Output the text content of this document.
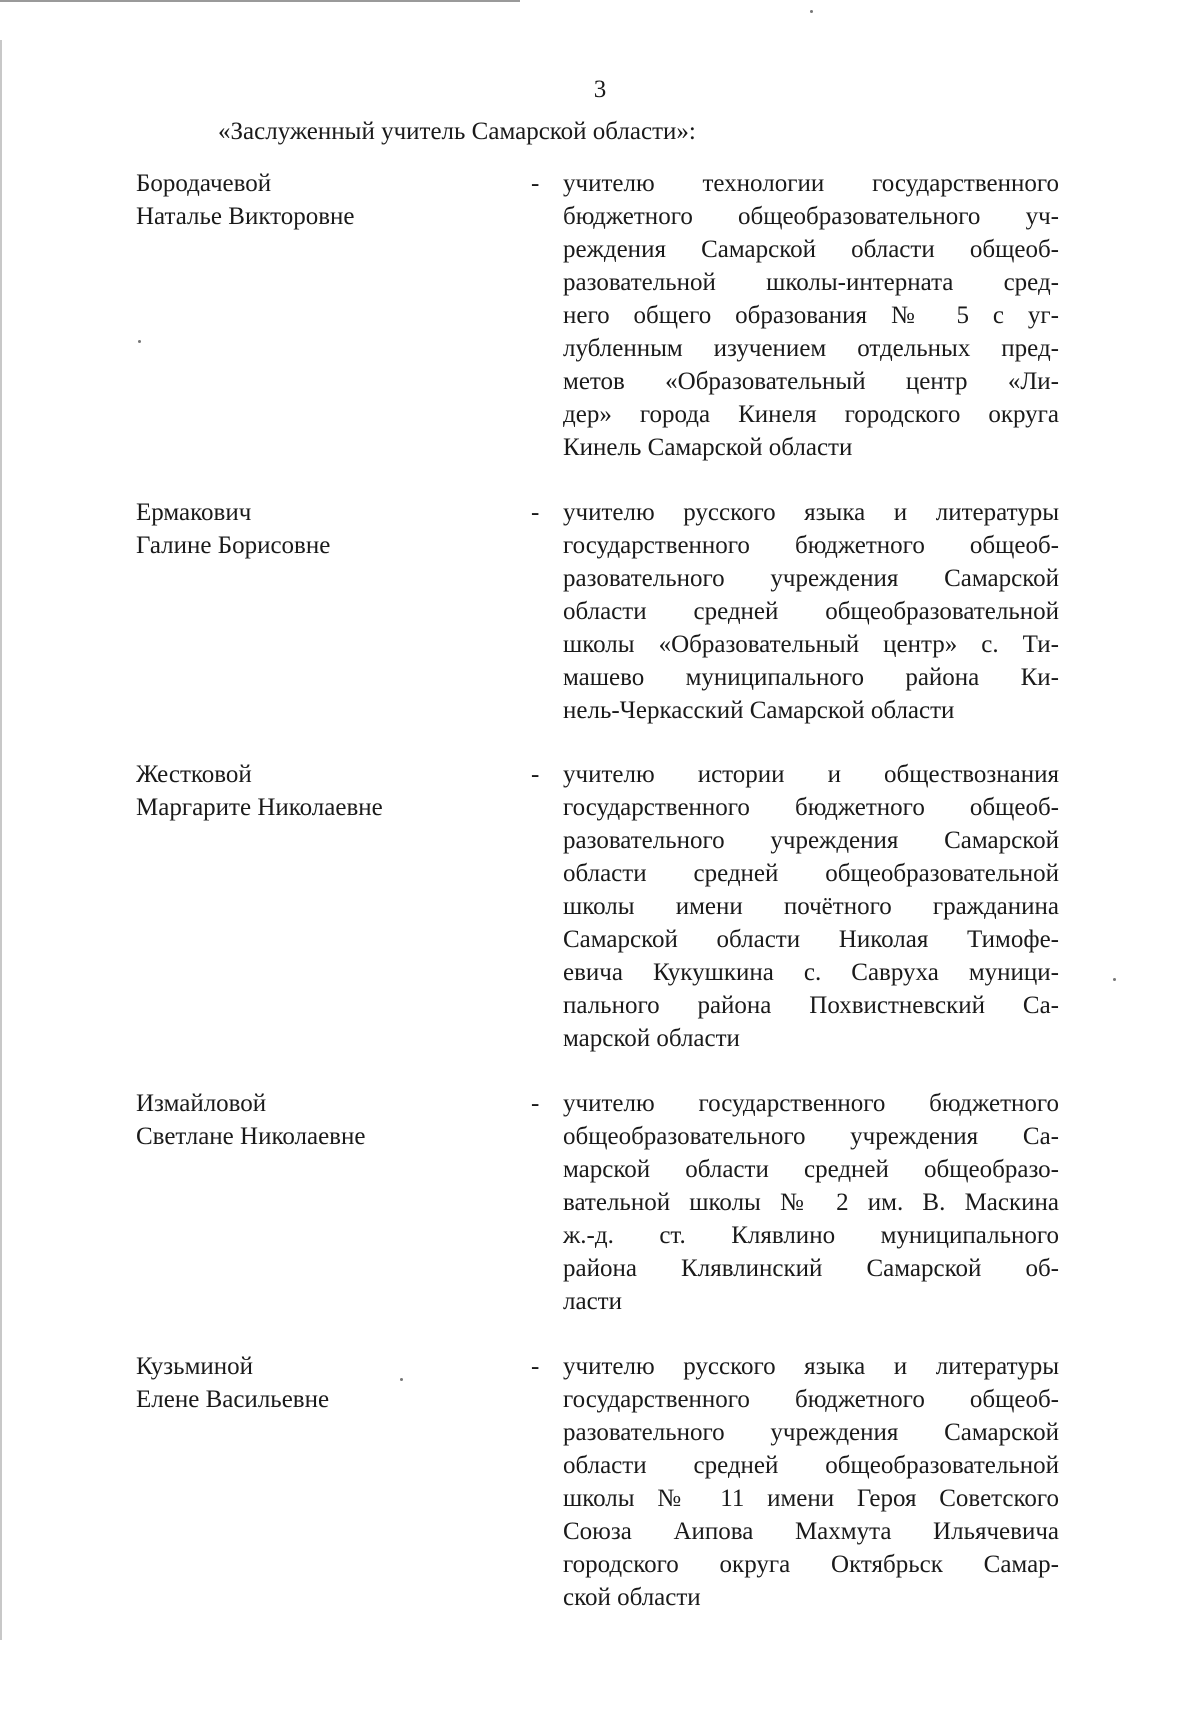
3
«Заслуженный учитель Самарской области»:
Бородачевой
Наталье Викторовне
- учителю технологии государственного
бюджетного общеобразовательного уч-
реждения Самарской области общеоб-
разовательной школы-интерната сред-
него общего образования № 5 с уг-
лубленным изучением отдельных пред-
метов «Образовательный центр «Ли-
дер» города Кинеля городского округа
Кинель Самарской области
Ермакович
Галине Борисовне
- учителю русского языка и литературы
государственного бюджетного общеоб-
разовательного учреждения Самарской
области средней общеобразовательной
школы «Образовательный центр» с. Ти-
машево муниципального района Ки-
нель-Черкасский Самарской области
Жестковой
Маргарите Николаевне
- учителю истории и обществознания
государственного бюджетного общеоб-
разовательного учреждения Самарской
области средней общеобразовательной
школы имени почётного гражданина
Самарской области Николая Тимофе-
евича Кукушкина с. Савруха муници-
пального района Похвистневский Са-
марской области
Измайловой
Светлане Николаевне
- учителю государственного бюджетного
общеобразовательного учреждения Са-
марской области средней общеобразо-
вательной школы № 2 им. В. Маскина
ж.-д. ст. Клявлино муниципального
района Клявлинский Самарской об-
ласти
Кузьминой
Елене Васильевне
- учителю русского языка и литературы
государственного бюджетного общеоб-
разовательного учреждения Самарской
области средней общеобразовательной
школы № 11 имени Героя Советского
Союза Аипова Махмута Ильячевича
городского округа Октябрьск Самар-
ской области
